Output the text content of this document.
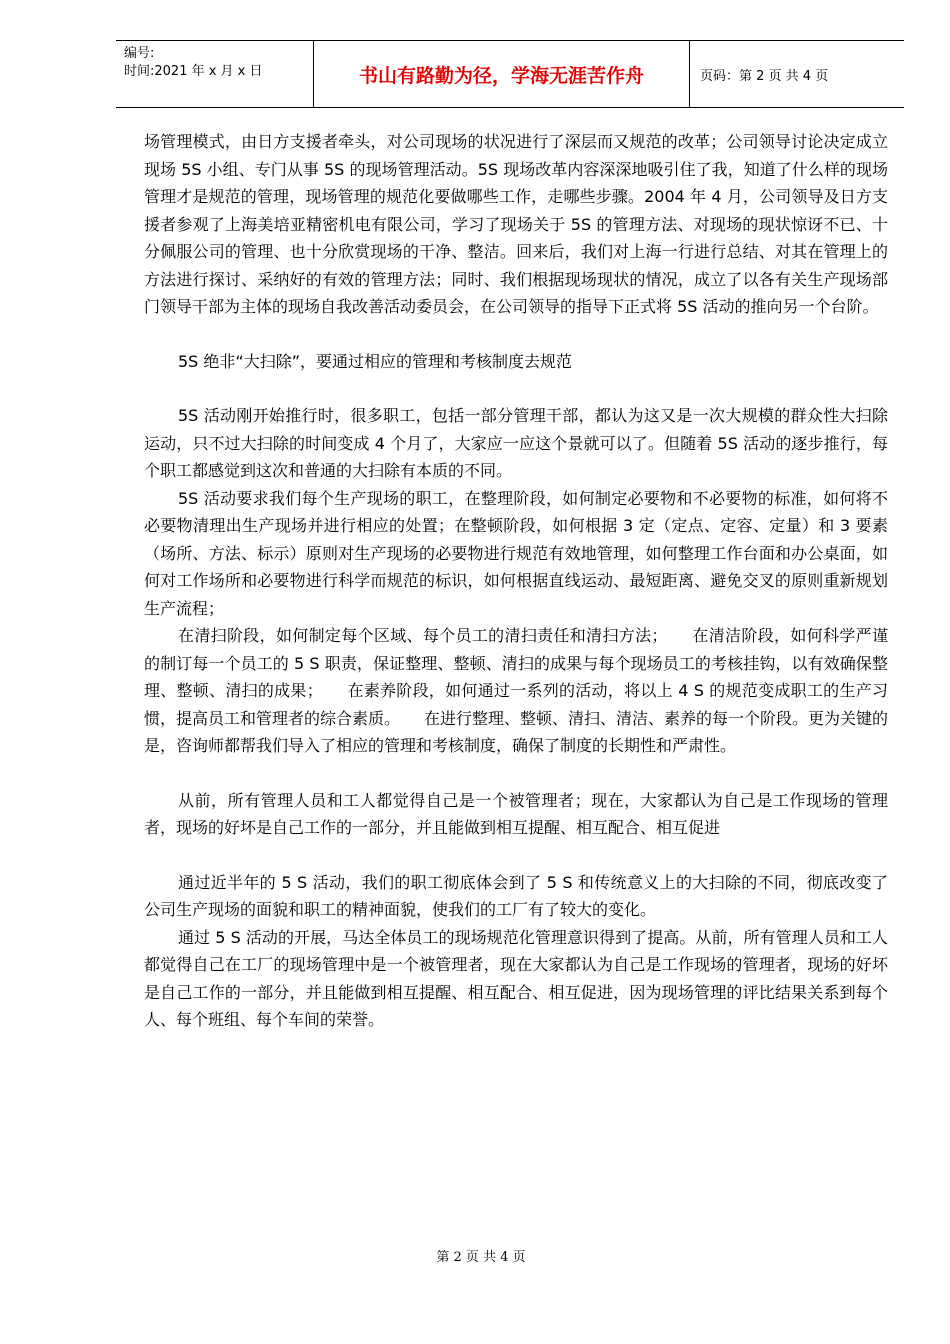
编号:
时间:2021 年 x 月 x 日	书山有路勤为径，学海无涯苦作舟	页码：第 2 页 共 4 页

场管理模式，由日方支援者牵头，对公司现场的状况进行了深层而又规范的改革；公司领导讨论决定成立现场 5S 小组、专门从事 5S 的现场管理活动。5S 现场改革内容深深地吸引住了我，知道了什么样的现场管理才是规范的管理，现场管理的规范化要做哪些工作，走哪些步骤。2004 年 4 月，公司领导及日方支援者参观了上海美培亚精密机电有限公司，学习了现场关于 5S 的管理方法、对现场的现状惊讶不已、十分佩服公司的管理、也十分欣赏现场的干净、整洁。回来后，我们对上海一行进行总结、对其在管理上的方法进行探讨、采纳好的有效的管理方法；同时、我们根据现场现状的情况，成立了以各有关生产现场部门领导干部为主体的现场自我改善活动委员会，在公司领导的指导下正式将 5S 活动的推向另一个台阶。

5S 绝非“大扫除”，要通过相应的管理和考核制度去规范

5S 活动刚开始推行时，很多职工，包括一部分管理干部，都认为这又是一次大规模的群众性大扫除运动，只不过大扫除的时间变成 4 个月了，大家应一应这个景就可以了。但随着 5S 活动的逐步推行，每个职工都感觉到这次和普通的大扫除有本质的不同。

5S 活动要求我们每个生产现场的职工，在整理阶段，如何制定必要物和不必要物的标准，如何将不必要物清理出生产现场并进行相应的处置；在整顿阶段，如何根据 3 定（定点、定容、定量）和 3 要素（场所、方法、标示）原则对生产现场的必要物进行规范有效地管理，如何整理工作台面和办公桌面，如何对工作场所和必要物进行科学而规范的标识，如何根据直线运动、最短距离、避免交叉的原则重新规划生产流程；

在清扫阶段，如何制定每个区域、每个员工的清扫责任和清扫方法；　　在清洁阶段，如何科学严谨的制订每一个员工的 5 S 职责，保证整理、整顿、清扫的成果与每个现场员工的考核挂钩，以有效确保整理、整顿、清扫的成果；　　在素养阶段，如何通过一系列的活动，将以上 4 S 的规范变成职工的生产习惯，提高员工和管理者的综合素质。　　在进行整理、整顿、清扫、清洁、素养的每一个阶段。更为关键的是，咨询师都帮我们导入了相应的管理和考核制度，确保了制度的长期性和严肃性。

从前，所有管理人员和工人都觉得自己是一个被管理者；现在，大家都认为自己是工作现场的管理者，现场的好坏是自己工作的一部分，并且能做到相互提醒、相互配合、相互促进

通过近半年的 5 S 活动，我们的职工彻底体会到了 5 S 和传统意义上的大扫除的不同，彻底改变了公司生产现场的面貌和职工的精神面貌，使我们的工厂有了较大的变化。

通过 5 S 活动的开展，马达全体员工的现场规范化管理意识得到了提高。从前，所有管理人员和工人都觉得自己在工厂的现场管理中是一个被管理者，现在大家都认为自己是工作现场的管理者，现场的好坏是自己工作的一部分，并且能做到相互提醒、相互配合、相互促进，因为现场管理的评比结果关系到每个人、每个班组、每个车间的荣誉。

第 2 页 共 4 页
